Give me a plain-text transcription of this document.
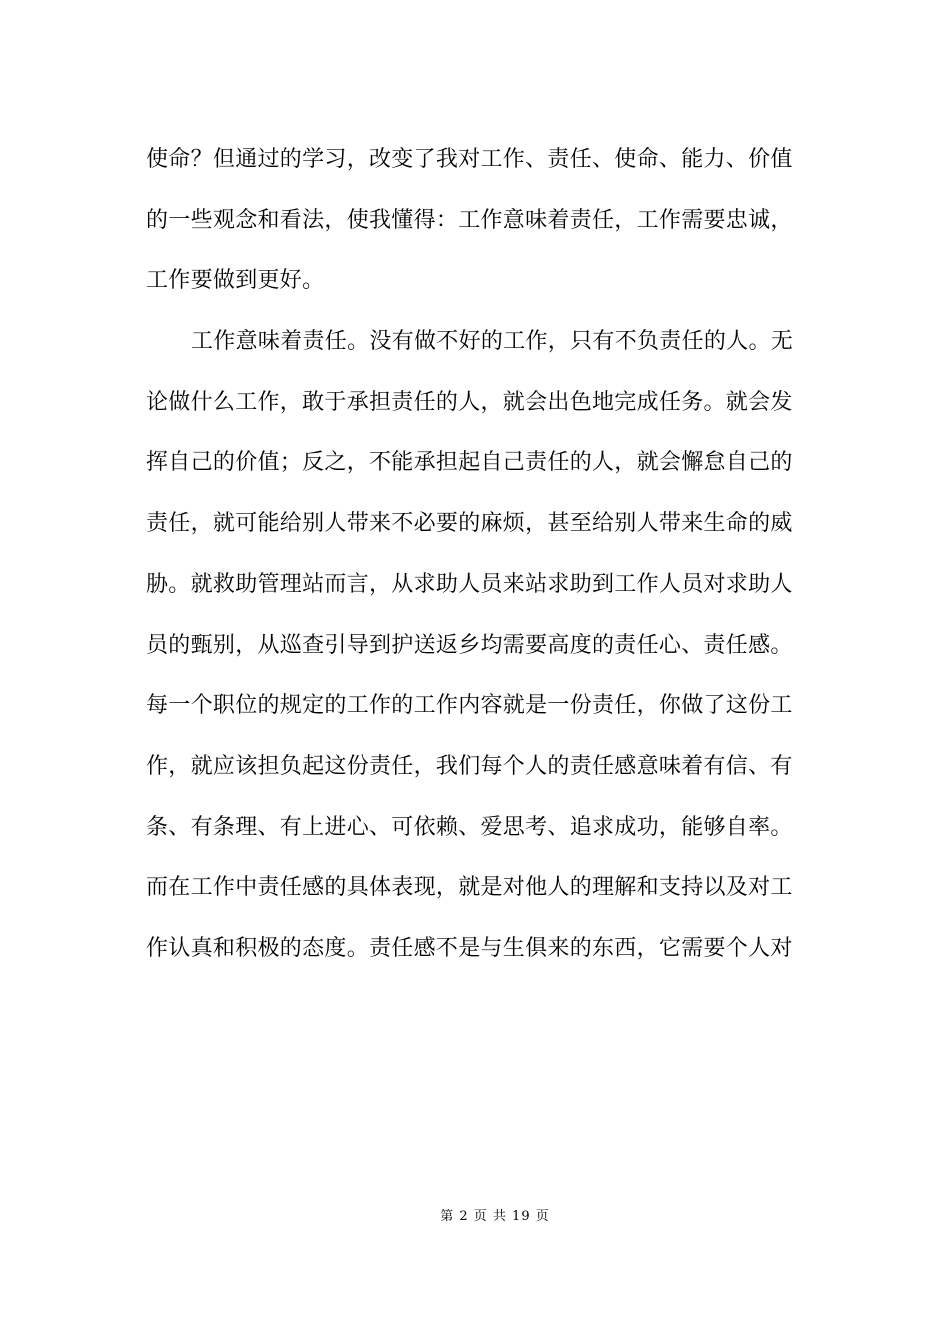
使命？但通过的学习，改变了我对工作、责任、使命、能力、价值
的一些观念和看法，使我懂得：工作意味着责任，工作需要忠诚，
工作要做到更好。
工作意味着责任。没有做不好的工作，只有不负责任的人。无
论做什么工作，敢于承担责任的人，就会出色地完成任务。就会发
挥自己的价值；反之，不能承担起自己责任的人，就会懈怠自己的
责任，就可能给别人带来不必要的麻烦，甚至给别人带来生命的威
胁。就救助管理站而言，从求助人员来站求助到工作人员对求助人
员的甄别，从巡查引导到护送返乡均需要高度的责任心、责任感。
每一个职位的规定的工作的工作内容就是一份责任，你做了这份工
作，就应该担负起这份责任，我们每个人的责任感意味着有信、有
条、有条理、有上进心、可依赖、爱思考、追求成功，能够自率。
而在工作中责任感的具体表现，就是对他人的理解和支持以及对工
作认真和积极的态度。责任感不是与生俱来的东西，它需要个人对
第 2 页 共 19 页
